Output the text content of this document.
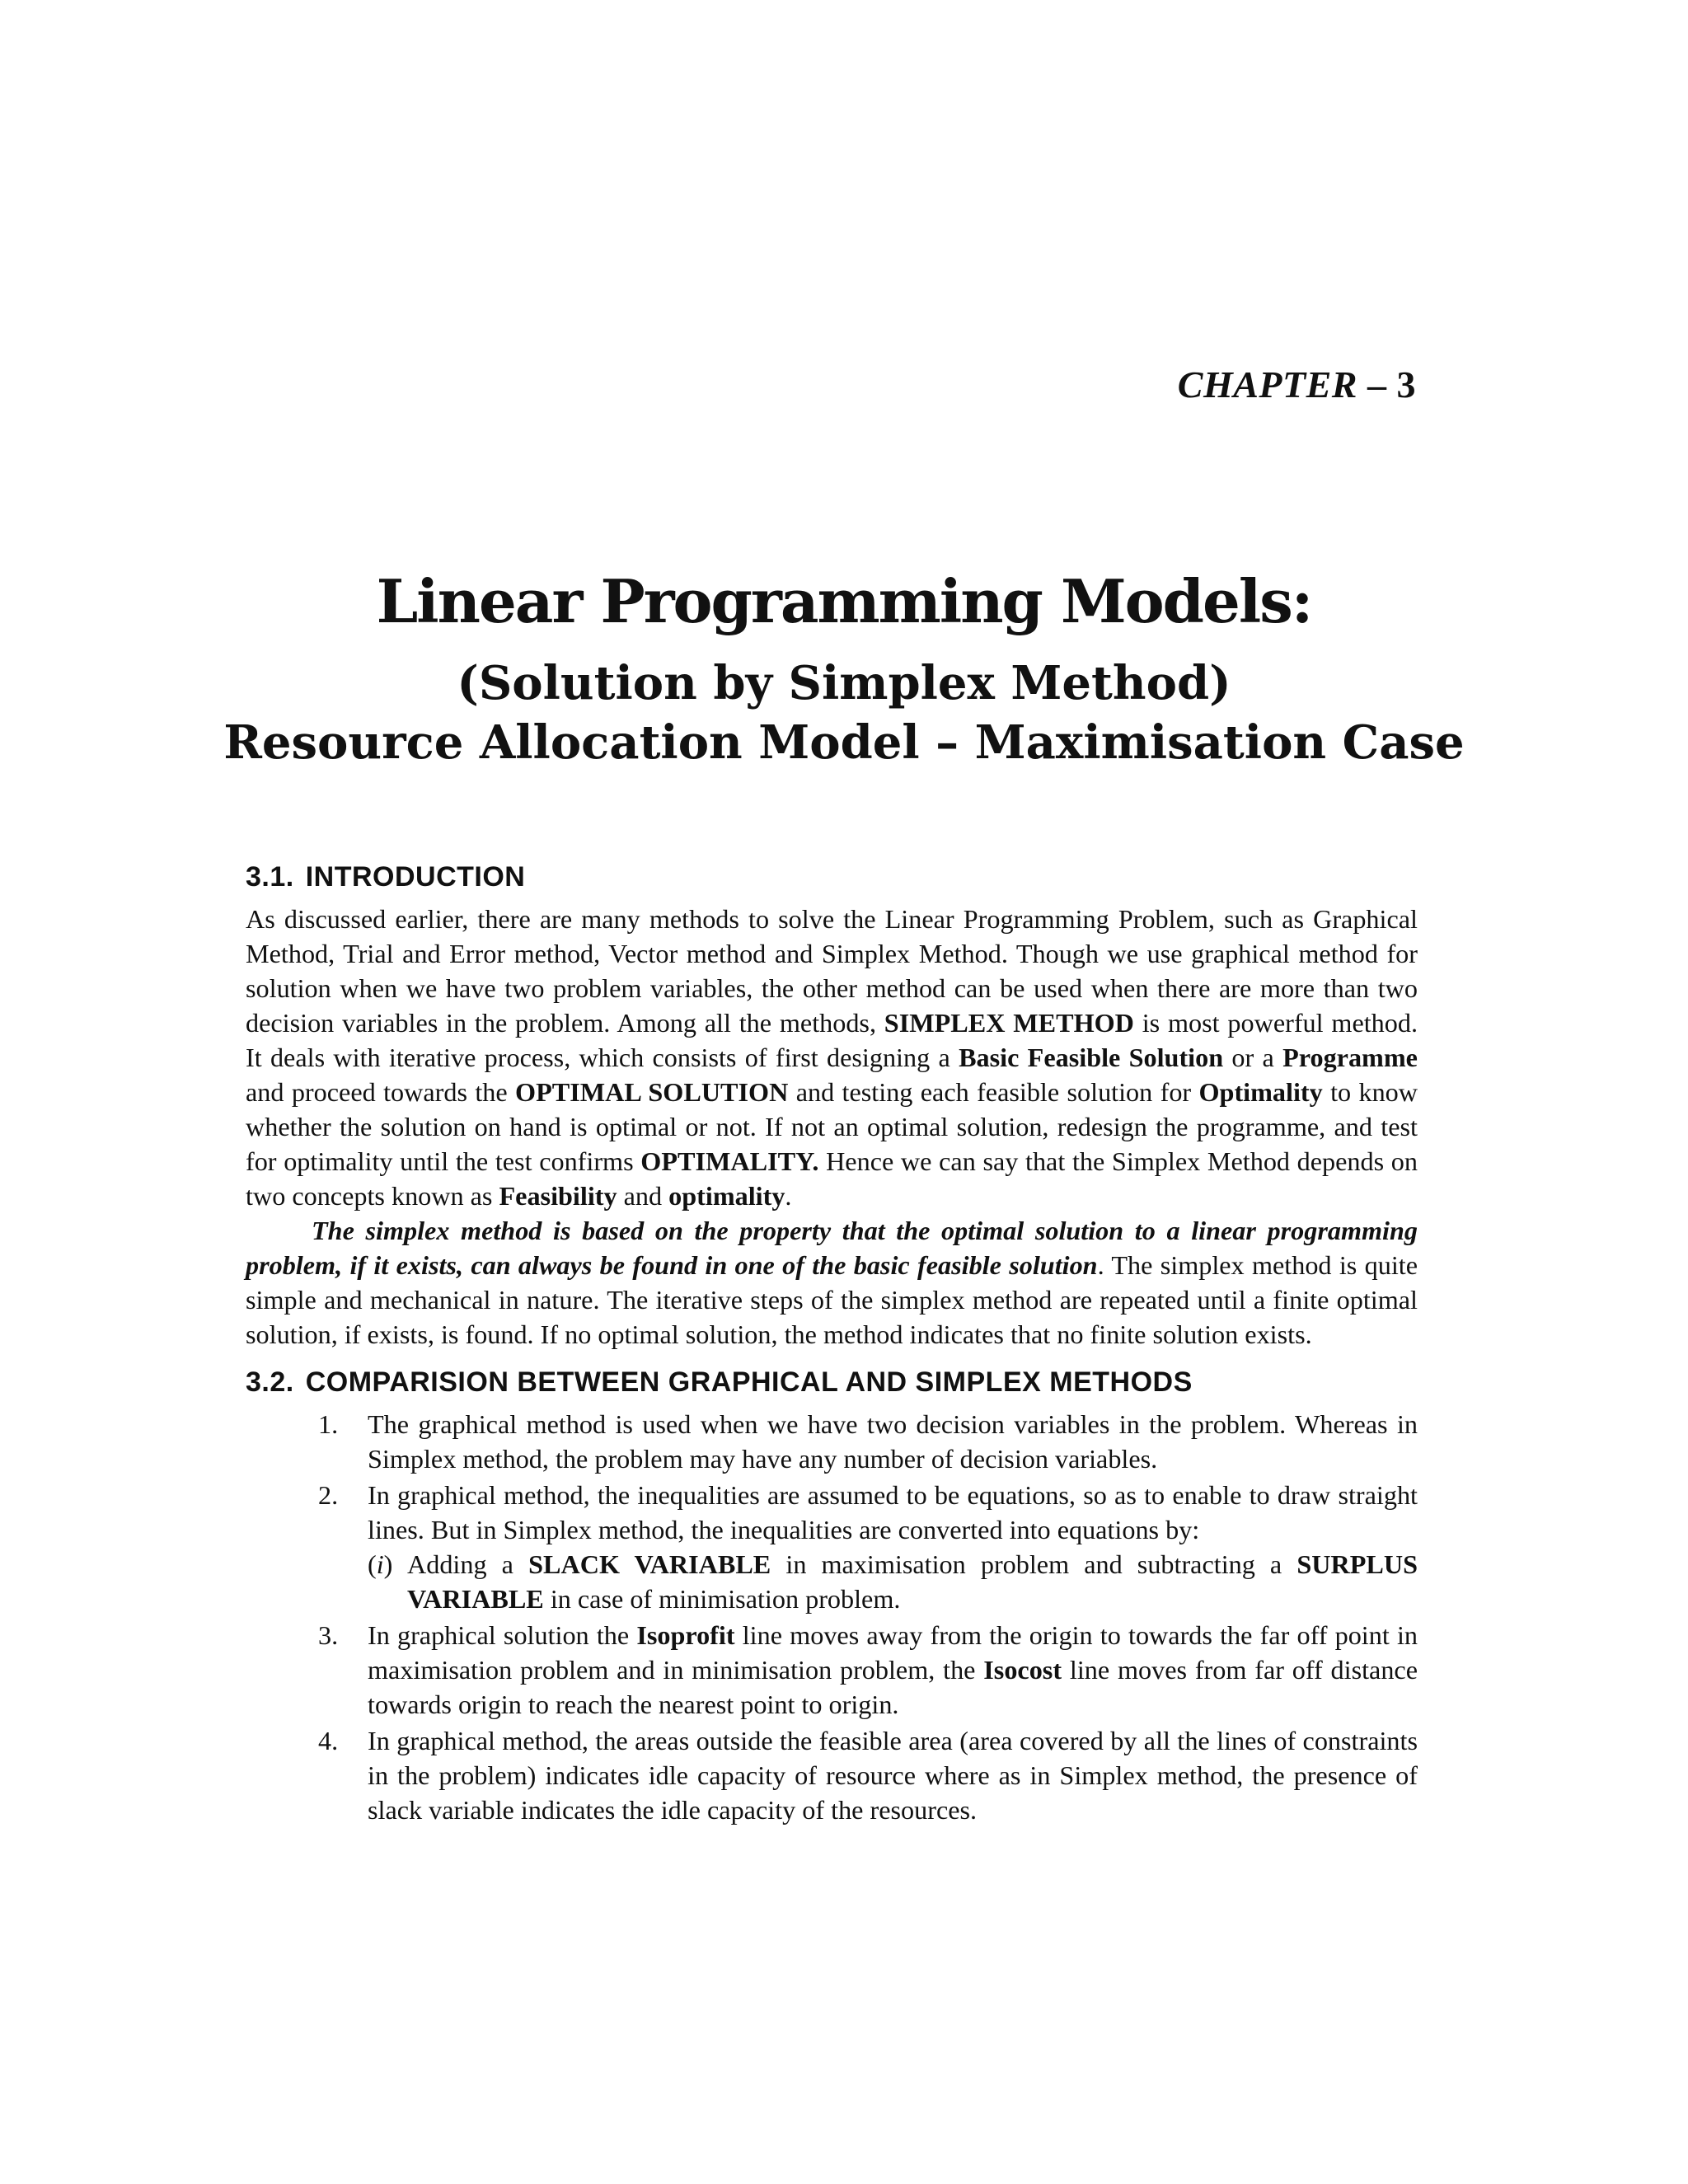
CHAPTER – 3
Linear Programming Models:
(Solution by Simplex Method)
Resource Allocation Model – Maximisation Case
3.1. INTRODUCTION

As discussed earlier, there are many methods to solve the Linear Programming Problem, such as Graphical Method, Trial and Error method, Vector method and Simplex Method. Though we use graphical method for solution when we have two problem variables, the other method can be used when there are more than two decision variables in the problem. Among all the methods, SIMPLEX METHOD is most powerful method. It deals with iterative process, which consists of first designing a Basic Feasible Solution or a Programme and proceed towards the OPTIMAL SOLUTION and testing each feasible solution for Optimality to know whether the solution on hand is optimal or not. If not an optimal solution, redesign the programme, and test for optimality until the test confirms OPTIMALITY. Hence we can say that the Simplex Method depends on two concepts known as Feasibility and optimality.

The simplex method is based on the property that the optimal solution to a linear programming problem, if it exists, can always be found in one of the basic feasible solution. The simplex method is quite simple and mechanical in nature. The iterative steps of the simplex method are repeated until a finite optimal solution, if exists, is found. If no optimal solution, the method indicates that no finite solution exists.

3.2. COMPARISION BETWEEN GRAPHICAL AND SIMPLEX METHODS
1. The graphical method is used when we have two decision variables in the problem. Whereas in Simplex method, the problem may have any number of decision variables.
2. In graphical method, the inequalities are assumed to be equations, so as to enable to draw straight lines. But in Simplex method, the inequalities are converted into equations by:
(i) Adding a SLACK VARIABLE in maximisation problem and subtracting a SURPLUS VARIABLE in case of minimisation problem.
3. In graphical solution the Isoprofit line moves away from the origin to towards the far off point in maximisation problem and in minimisation problem, the Isocost line moves from far off distance towards origin to reach the nearest point to origin.
4. In graphical method, the areas outside the feasible area (area covered by all the lines of constraints in the problem) indicates idle capacity of resource where as in Simplex method, the presence of slack variable indicates the idle capacity of the resources.
